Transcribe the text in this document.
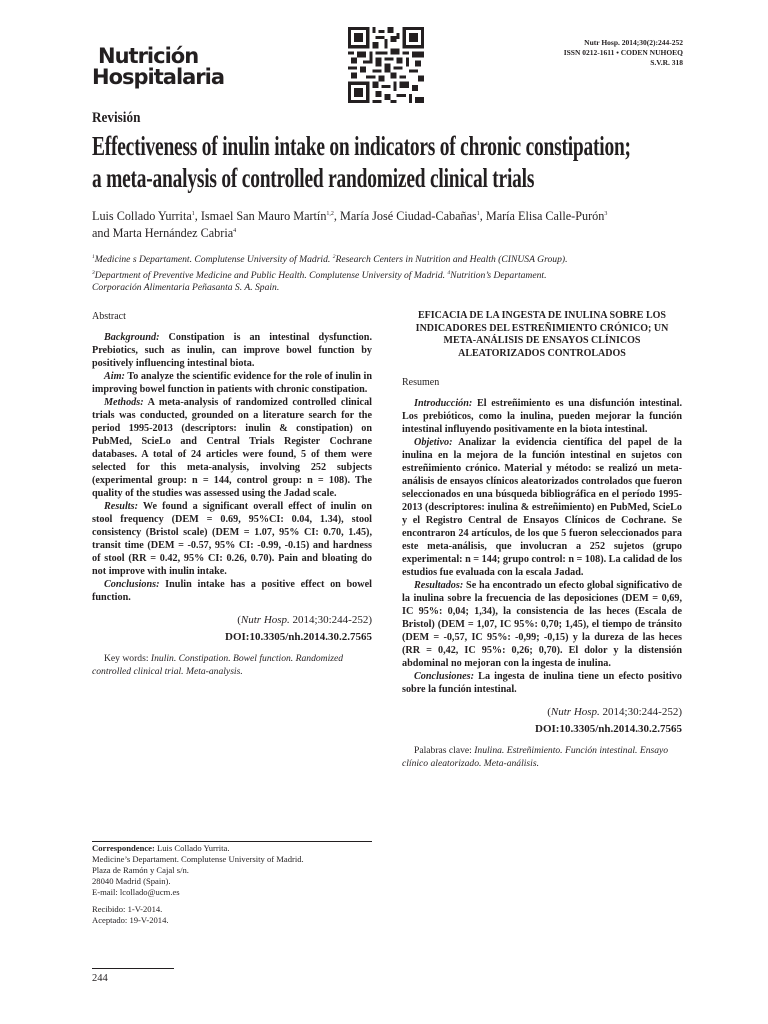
Nutrición
Hospitalaria
Nutr Hosp. 2014;30(2):244-252
ISSN 0212-1611 • CODEN NUHOEQ
S.V.R. 318
Revisión
Effectiveness of inulin intake on indicators of chronic constipation;
a meta-analysis of controlled randomized clinical trials
Luis Collado Yurrita$^1$, Ismael San Mauro Martín$^{1,2}$, María José Ciudad-Cabañas$^1$, María Elisa Calle-Purón$^3$
and Marta Hernández Cabria$^4$
$^1$Medicine s Departament. Complutense University of Madrid. $^2$Research Centers in Nutrition and Health (CINUSA Group).
$^3$Department of Preventive Medicine and Public Health. Complutense University of Madrid. $^4$Nutrition’s Departament.
Corporación Alimentaria Peñasanta S. A. Spain.
Abstract

Background: Constipation is an intestinal dysfunction. Prebiotics, such as inulin, can improve bowel function by positively influencing intestinal biota.

Aim: To analyze the scientific evidence for the role of inulin in improving bowel function in patients with chronic constipation.

Methods: A meta-analysis of randomized controlled clinical trials was conducted, grounded on a literature search for the period 1995-2013 (descriptors: inulin & constipation) on PubMed, ScieLo and Central Trials Register Cochrane databases. A total of 24 articles were found, 5 of them were selected for this meta-analysis, involving 252 subjects (experimental group: n = 144, control group: n = 108). The quality of the studies was assessed using the Jadad scale.

Results: We found a significant overall effect of inulin on stool frequency (DEM = 0.69, 95%CI: 0.04, 1.34), stool consistency (Bristol scale) (DEM = 1.07, 95% CI: 0.70, 1.45), transit time (DEM = -0.57, 95% CI: -0.99, -0.15) and hardness of stool (RR = 0.42, 95% CI: 0.26, 0.70). Pain and bloating do not improve with inulin intake.

Conclusions: Inulin intake has a positive effect on bowel function.

(Nutr Hosp. 2014;30:244-252)
DOI:10.3305/nh.2014.30.2.7565
Key words: Inulin. Constipation. Bowel function. Randomized controlled clinical trial. Meta-analysis.
EFICACIA DE LA INGESTA DE INULINA SOBRE LOS INDICADORES DEL ESTREÑIMIENTO CRÓNICO; UN META-ANÁLISIS DE ENSAYOS CLÍNICOS ALEATORIZADOS CONTROLADOS
Resumen

Introducción: El estreñimiento es una disfunción intestinal. Los prebióticos, como la inulina, pueden mejorar la función intestinal influyendo positivamente en la biota intestinal.

Objetivo: Analizar la evidencia científica del papel de la inulina en la mejora de la función intestinal en sujetos con estreñimiento crónico. Material y método: se realizó un meta-análisis de ensayos clínicos aleatorizados controlados que fueron seleccionados en una búsqueda bibliográfica en el período 1995-2013 (descriptores: inulina & estreñimiento) en PubMed, ScieLo y el Registro Central de Ensayos Clínicos de Cochrane. Se encontraron 24 artículos, de los que 5 fueron seleccionados para este meta-análisis, que involucran a 252 sujetos (grupo experimental: n = 144; grupo control: n = 108). La calidad de los estudios fue evaluada con la escala Jadad.

Resultados: Se ha encontrado un efecto global significativo de la inulina sobre la frecuencia de las deposiciones (DEM = 0,69, IC 95%: 0,04; 1,34), la consistencia de las heces (Escala de Bristol) (DEM = 1,07, IC 95%: 0,70; 1,45), el tiempo de tránsito (DEM = -0,57, IC 95%: -0,99; -0,15) y la dureza de las heces (RR = 0,42, IC 95%: 0,26; 0,70). El dolor y la distensión abdominal no mejoran con la ingesta de inulina.

Conclusiones: La ingesta de inulina tiene un efecto positivo sobre la función intestinal.

(Nutr Hosp. 2014;30:244-252)
DOI:10.3305/nh.2014.30.2.7565
Palabras clave: Inulina. Estreñimiento. Función intestinal. Ensayo clínico aleatorizado. Meta-análisis.
Correspondence: Luis Collado Yurrita.
Medicine’s Departament. Complutense University of Madrid.
Plaza de Ramón y Cajal s/n.
28040 Madrid (Spain).
E-mail: lcollado@ucm.es
Recibido: 1-V-2014.
Aceptado: 19-V-2014.
244
